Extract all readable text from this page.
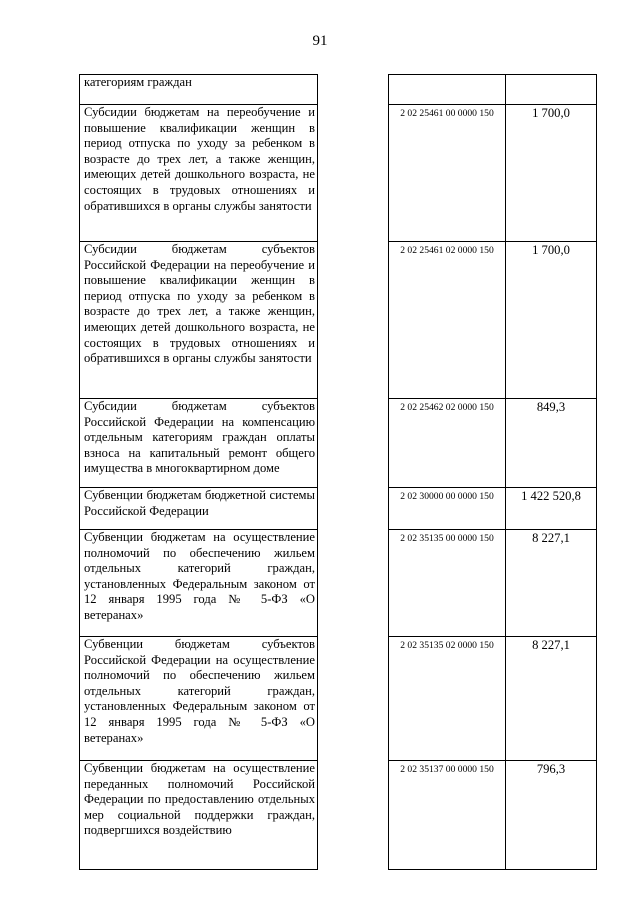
91
категориям граждан			
Субсидии бюджетам на переобучение и повышение квалификации женщин в период отпуска по уходу за ребенком в возрасте до трех лет, а также женщин, имеющих детей дошкольного возраста, не состоящих в трудовых отношениях и обратившихся в органы службы занятости		2 02 25461 00 0000 150	1 700,0
Субсидии бюджетам субъектов Российской Федерации на переобучение и повышение квалификации женщин в период отпуска по уходу за ребенком в возрасте до трех лет, а также женщин, имеющих детей дошкольного возраста, не состоящих в трудовых отношениях и обратившихся в органы службы занятости		2 02 25461 02 0000 150	1 700,0
Субсидии бюджетам субъектов Российской Федерации на компенсацию отдельным категориям граждан оплаты взноса на капитальный ремонт общего имущества в многоквартирном доме		2 02 25462 02 0000 150	849,3
Субвенции бюджетам бюджетной системы Российской Федерации		2 02 30000 00 0000 150	1 422 520,8
Субвенции бюджетам на осуществление полномочий по обеспечению жильем отдельных категорий граждан, установленных Федеральным законом от 12 января 1995 года № 5-ФЗ «О ветеранах»		2 02 35135 00 0000 150	8 227,1
Субвенции бюджетам субъектов Российской Федерации на осуществление полномочий по обеспечению жильем отдельных категорий граждан, установленных Федеральным законом от 12 января 1995 года № 5-ФЗ «О ветеранах»		2 02 35135 02 0000 150	8 227,1
Субвенции бюджетам на осуществление переданных полномочий Российской Федерации по предоставлению отдельных мер социальной поддержки граждан, подвергшихся воздействию		2 02 35137 00 0000 150	796,3
